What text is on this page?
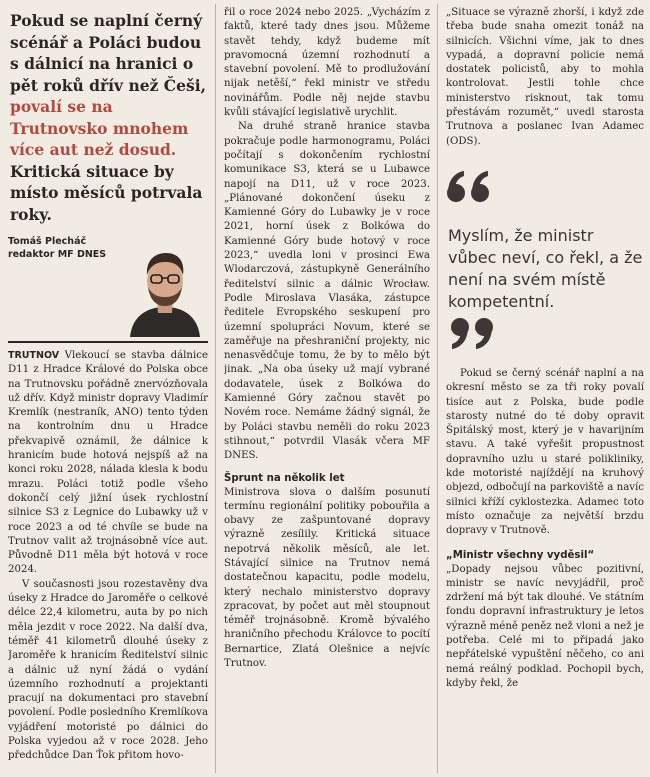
Pokud se naplní černý scénář a Poláci budou s dálnicí na hranici o pět roků dřív než Češi, povalí se na Trutnovsko mnohem více aut než dosud. Kritická situace by místo měsíců potrvala roky.
Tomáš Plecháč
redaktor MF DNES

TRUTNOV Vlekoucí se stavba dálnice D11 z Hradce Králové do Polska obce na Trutnovsku pořádně znervózňovala už dřív. Když ministr dopravy Vladimír Kremlík (nestraník, ANO) tento týden na kontrolním dnu u Hradce překvapivě oznámil, že dálnice k hranicím bude hotová nejspíš až na konci roku 2028, nálada klesla k bodu mrazu. Poláci totiž podle všeho dokončí celý jižní úsek rychlostní silnice S3 z Legnice do Lubawky už v roce 2023 a od té chvíle se bude na Trutnov valit až trojnásobně více aut. Původně D11 měla být hotová v roce 2024.

V současnosti jsou rozestavěny dva úseky z Hradce do Jaroměře o celkové délce 22,4 kilometru, auta by po nich měla jezdit v roce 2022. Na další dva, téměř 41 kilometrů dlouhé úseky z Jaroměře k hranicím Ředitelství silnic a dálnic už nyní žádá o vydání územního rozhodnutí a projektanti pracují na dokumentaci pro stavební povolení. Podle posledního Kremlíkova vyjádření motoristé po dálnici do Polska vyjedou až v roce 2028. Jeho předchůdce Dan Ťok přitom hovo-

řil o roce 2024 nebo 2025. „Vycházím z faktů, které tady dnes jsou. Můžeme stavět tehdy, když budeme mít pravomocná územní rozhodnutí a stavební povolení. Mě to prodlužování nijak netěší,“ řekl ministr ve středu novinářům. Podle něj nejde stavbu kvůli stávající legislativě urychlit.

Na druhé straně hranice stavba pokračuje podle harmonogramu, Poláci počítají s dokončením rychlostní komunikace S3, která se u Lubawce napojí na D11, už v roce 2023. „Plánované dokončení úseku z Kamienné Góry do Lubawky je v roce 2021, horní úsek z Bolkówa do Kamienné Góry bude hotový v roce 2023,“ uvedla loni v prosinci Ewa Wlodarczová, zástupkyně Generálního ředitelství silnic a dálnic Wrocław. Podle Miroslava Vlasáka, zástupce ředitele Evropského seskupení pro územní spolupráci Novum, které se zaměřuje na přeshraniční projekty, nic nenasvědčuje tomu, že by to mělo být jinak. „Na oba úseky už mají vybrané dodavatele, úsek z Bolkówa do Kamienné Góry začnou stavět po Novém roce. Nemáme žádný signál, že by Poláci stavbu neměli do roku 2023 stihnout,“ potvrdil Vlasák včera MF DNES.

Šprunt na několik let

Ministrova slova o dalším posunutí termínu regionální politiky pobouřila a obavy ze zašpuntované dopravy výrazně zesílily. Kritická situace nepotrvá několik měsíců, ale let. Stávající silnice na Trutnov nemá dostatečnou kapacitu, podle modelu, který nechalo ministerstvo dopravy zpracovat, by počet aut měl stoupnout téměř trojnásobně. Kromě bývalého hraničního přechodu Královce to pocítí Bernartice, Zlatá Olešnice a nejvíc Trutnov.

„Situace se výrazně zhorší, i když zde třeba bude snaha omezit tonáž na silnicích. Všichni víme, jak to dnes vypadá, a dopravní policie nemá dostatek policistů, aby to mohla kontrolovat. Jestli tohle chce ministerstvo risknout, tak tomu přestávám rozumět,“ uvedl starosta Trutnova a poslanec Ivan Adamec (ODS).

Myslím, že ministr vůbec neví, co řekl, a že není na svém místě kompetentní.

Pokud se černý scénář naplní a na okresní město se za tři roky povalí tisíce aut z Polska, bude podle starosty nutné do té doby opravit Špitálský most, který je v havarijním stavu. A také vyřešit propustnost dopravního uzlu u staré polikliniky, kde motoristé najíždějí na kruhový objezd, odbočují na parkoviště a navíc silnici kříží cyklostezka. Adamec toto místo označuje za největší brzdu dopravy v Trutnově.

„Ministr všechny vyděsil“

„Dopady nejsou vůbec pozitivní, ministr se navíc nevyjádřil, proč zdržení má být tak dlouhé. Ve státním fondu dopravní infrastruktury je letos výrazně méně peněz než vloni a než je potřeba. Celé mi to připadá jako nepřátelské vypuštění něčeho, co ani nemá reálný podklad. Pochopil bych, kdyby řekl, že
